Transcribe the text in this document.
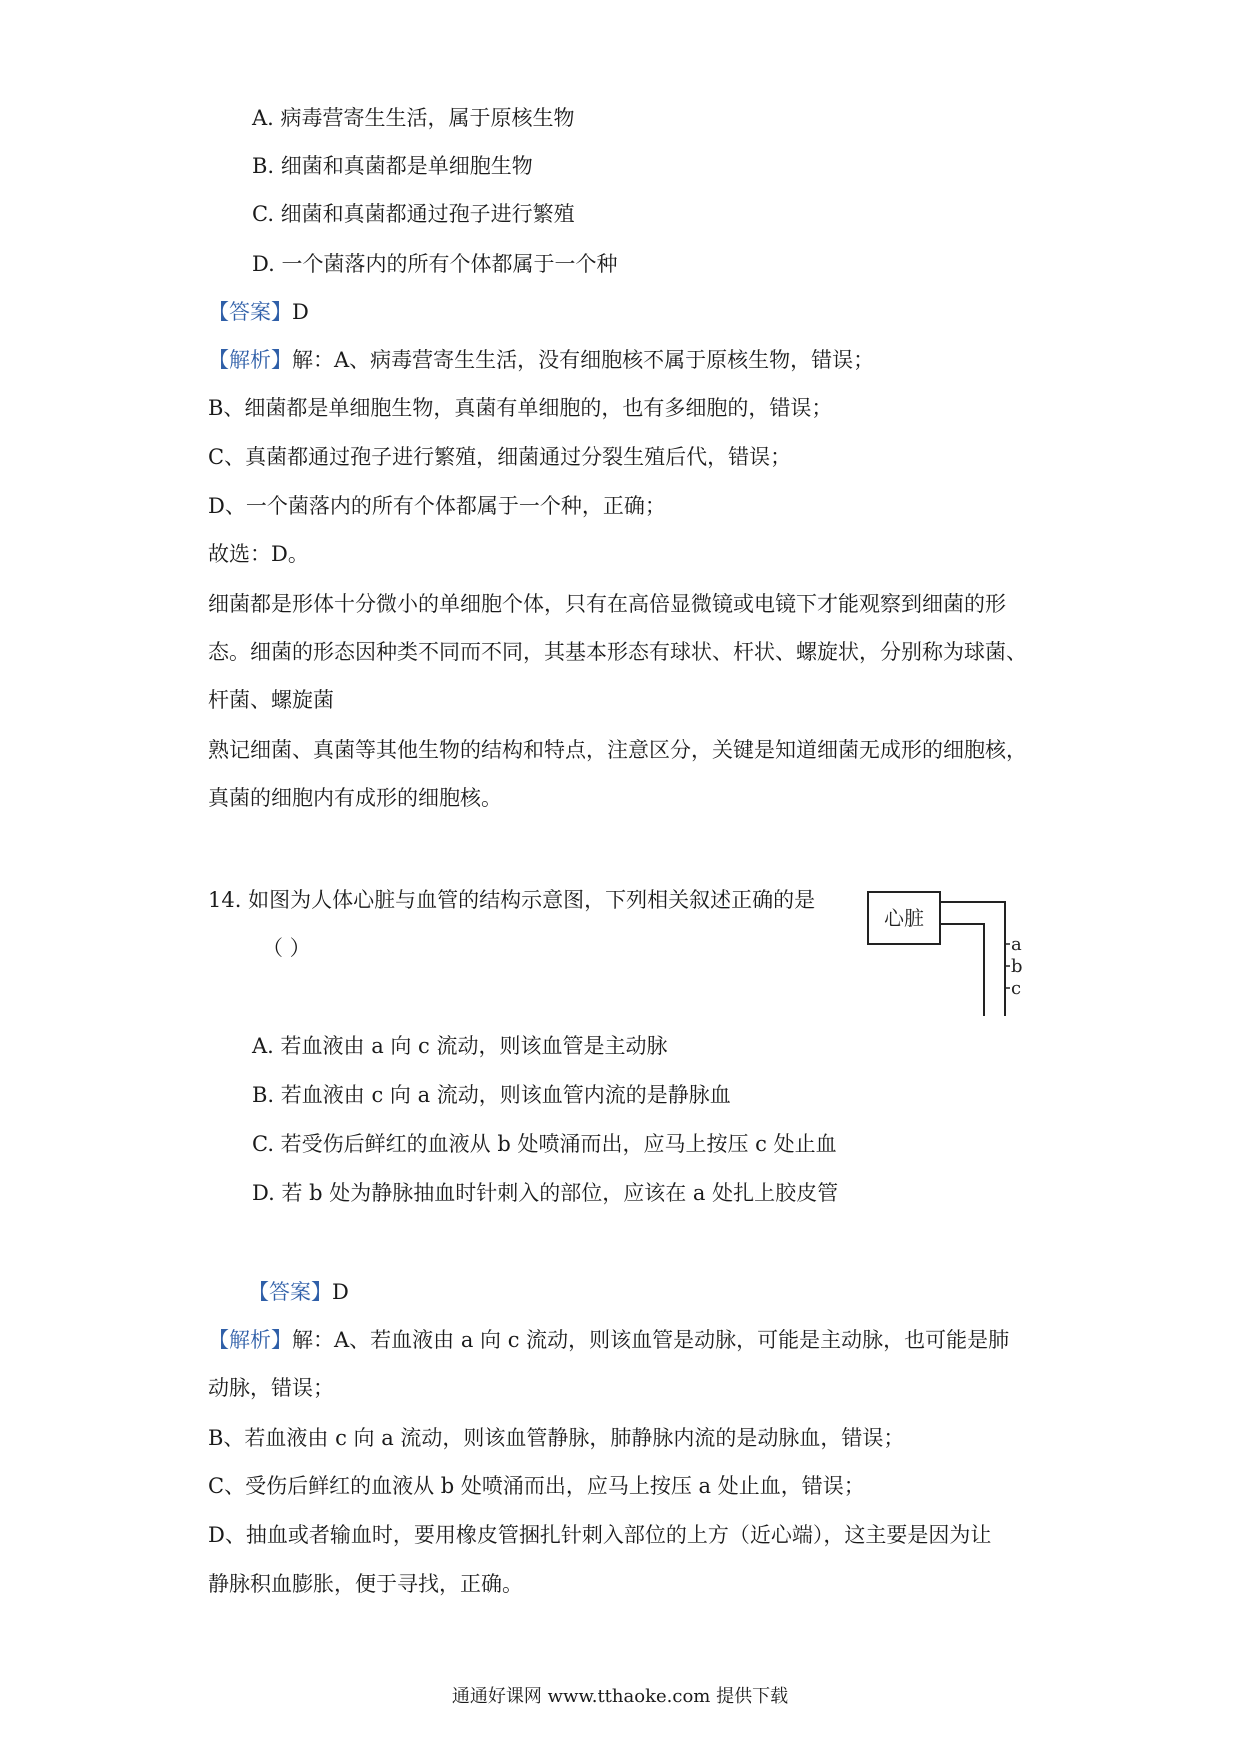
A. 病毒营寄生生活，属于原核生物
B. 细菌和真菌都是单细胞生物
C. 细菌和真菌都通过孢子进行繁殖
D. 一个菌落内的所有个体都属于一个种
【答案】D
【解析】解：A、病毒营寄生生活，没有细胞核不属于原核生物，错误；
B、细菌都是单细胞生物，真菌有单细胞的，也有多细胞的，错误；
C、真菌都通过孢子进行繁殖，细菌通过分裂生殖后代，错误；
D、一个菌落内的所有个体都属于一个种，正确；
故选：D。
细菌都是形体十分微小的单细胞个体，只有在高倍显微镜或电镜下才能观察到细菌的形
态。细菌的形态因种类不同而不同，其基本形态有球状、杆状、螺旋状，分别称为球菌、
杆菌、螺旋菌
熟记细菌、真菌等其他生物的结构和特点，注意区分，关键是知道细菌无成形的细胞核，
真菌的细胞内有成形的细胞核。
14. 如图为人体心脏与血管的结构示意图，下列相关叙述正确的是
（ ）
心脏
a
b
c
A. 若血液由 a 向 c 流动，则该血管是主动脉
B. 若血液由 c 向 a 流动，则该血管内流的是静脉血
C. 若受伤后鲜红的血液从 b 处喷涌而出，应马上按压 c 处止血
D. 若 b 处为静脉抽血时针刺入的部位，应该在 a 处扎上胶皮管
【答案】D
【解析】解：A、若血液由 a 向 c 流动，则该血管是动脉，可能是主动脉，也可能是肺
动脉，错误；
B、若血液由 c 向 a 流动，则该血管静脉，肺静脉内流的是动脉血，错误；
C、受伤后鲜红的血液从 b 处喷涌而出，应马上按压 a 处止血，错误；
D、抽血或者输血时，要用橡皮管捆扎针刺入部位的上方（近心端），这主要是因为让
静脉积血膨胀，便于寻找，正确。
通通好课网 www.tthaoke.com 提供下载
